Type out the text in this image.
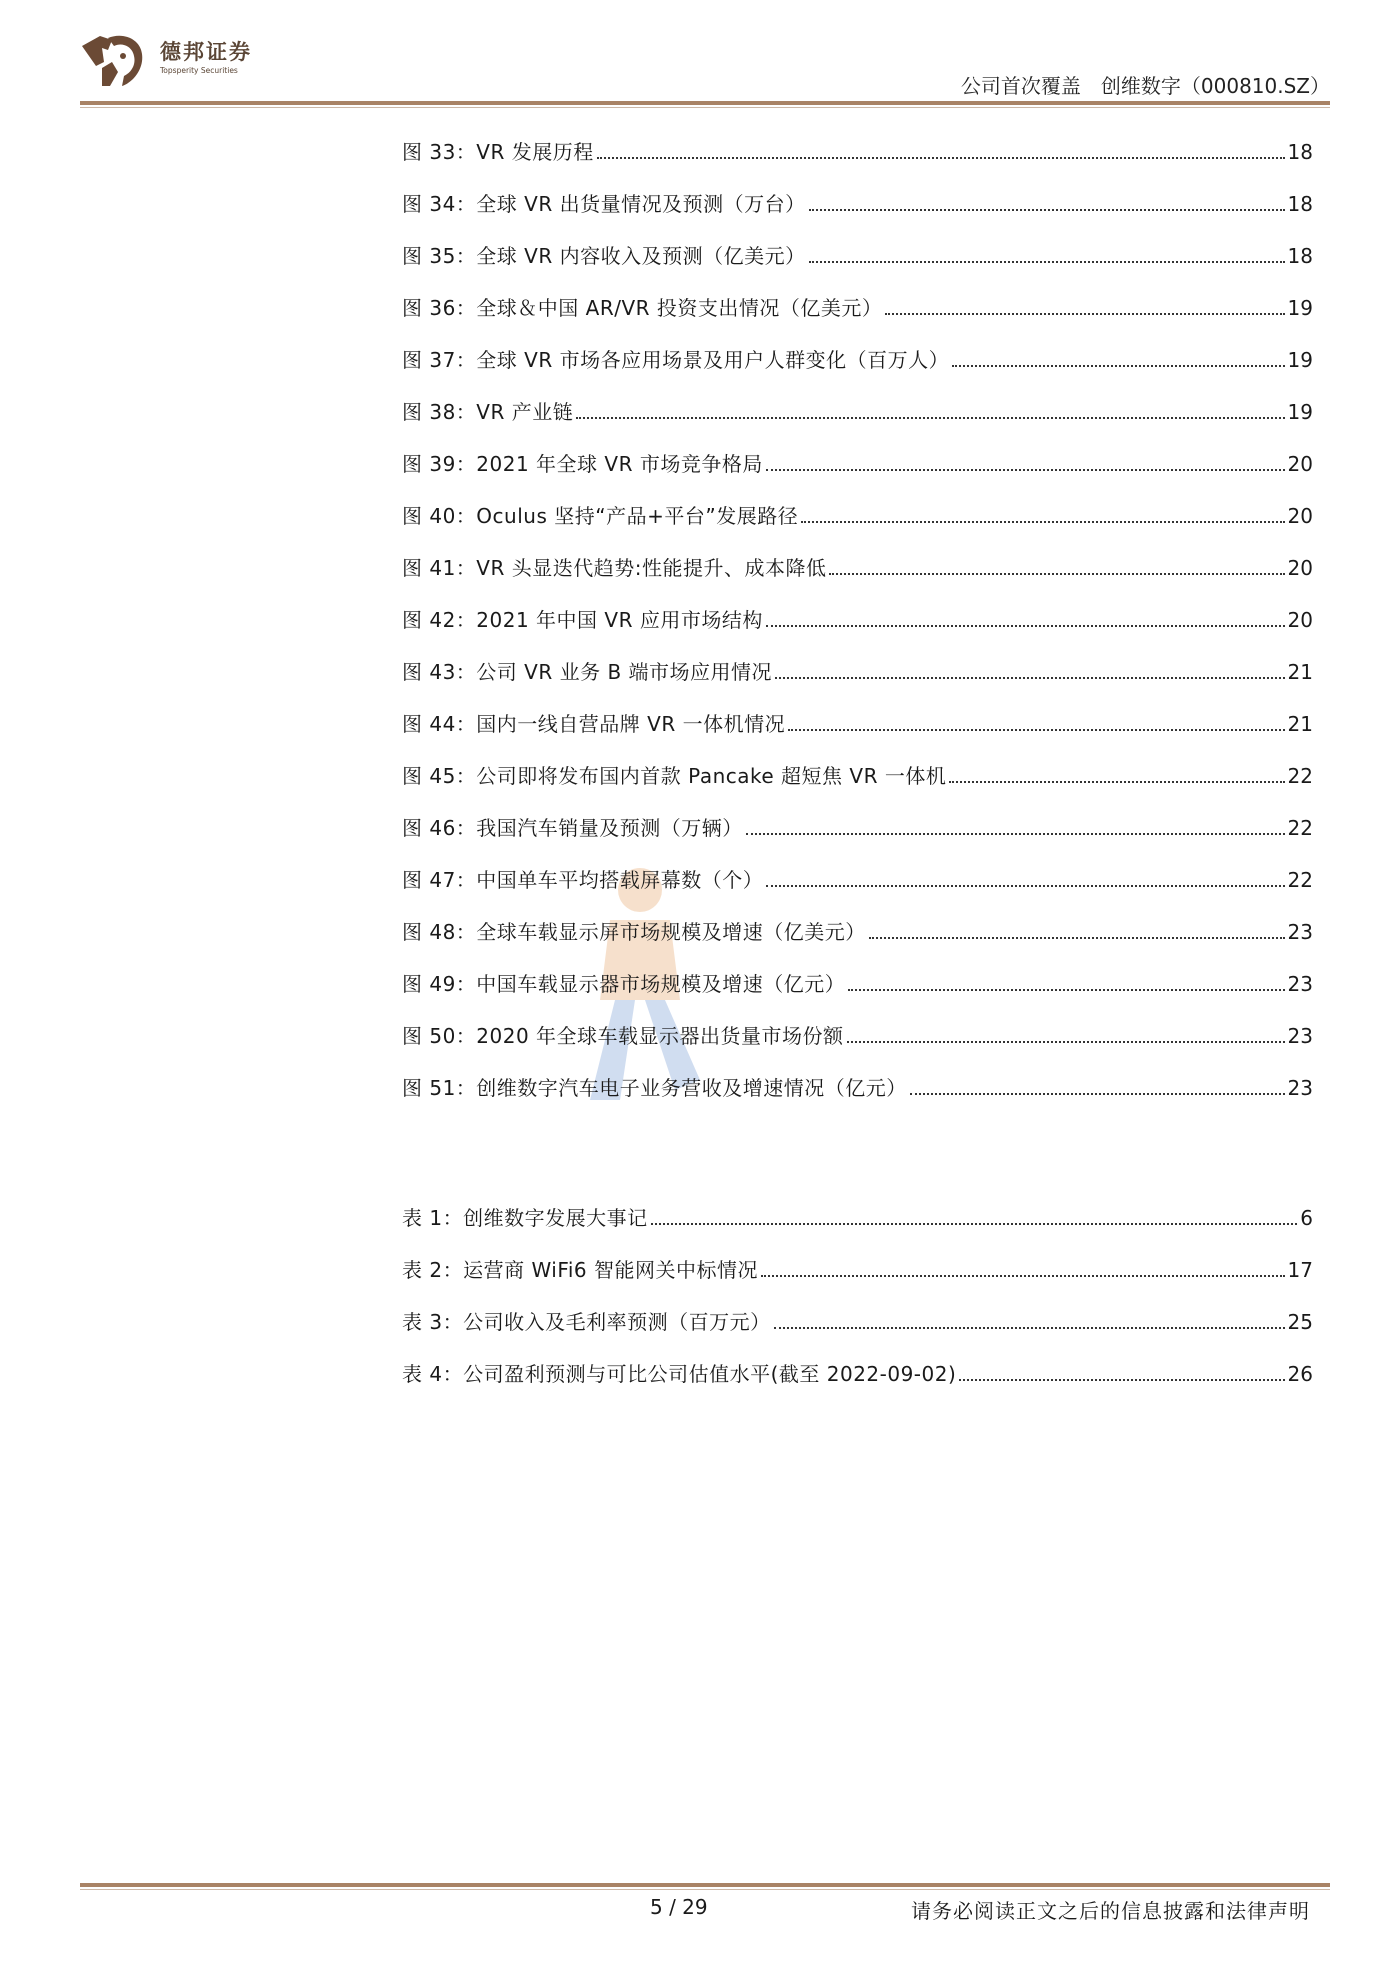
德邦证券
Topsperity Securities
公司首次覆盖　创维数字（000810.SZ）
图 33：VR 发展历程	18
图 34：全球 VR 出货量情况及预测（万台）	18
图 35：全球 VR 内容收入及预测（亿美元）	18
图 36：全球＆中国 AR/VR 投资支出情况（亿美元）	19
图 37：全球 VR 市场各应用场景及用户人群变化（百万人）	19
图 38：VR 产业链	19
图 39：2021 年全球 VR 市场竞争格局	20
图 40：Oculus 坚持“产品+平台”发展路径	20
图 41：VR 头显迭代趋势:性能提升、成本降低	20
图 42：2021 年中国 VR 应用市场结构	20
图 43：公司 VR 业务 B 端市场应用情况	21
图 44：国内一线自营品牌 VR 一体机情况	21
图 45：公司即将发布国内首款 Pancake 超短焦 VR 一体机	22
图 46：我国汽车销量及预测（万辆）	22
图 47：中国单车平均搭载屏幕数（个）	22
图 48：全球车载显示屏市场规模及增速（亿美元）	23
图 49：中国车载显示器市场规模及增速（亿元）	23
图 50：2020 年全球车载显示器出货量市场份额	23
图 51：创维数字汽车电子业务营收及增速情况（亿元）	23
表 1：创维数字发展大事记	6
表 2：运营商 WiFi6 智能网关中标情况	17
表 3：公司收入及毛利率预测（百万元）	25
表 4：公司盈利预测与可比公司估值水平(截至 2022-09-02)	26
5 / 29	请务必阅读正文之后的信息披露和法律声明
